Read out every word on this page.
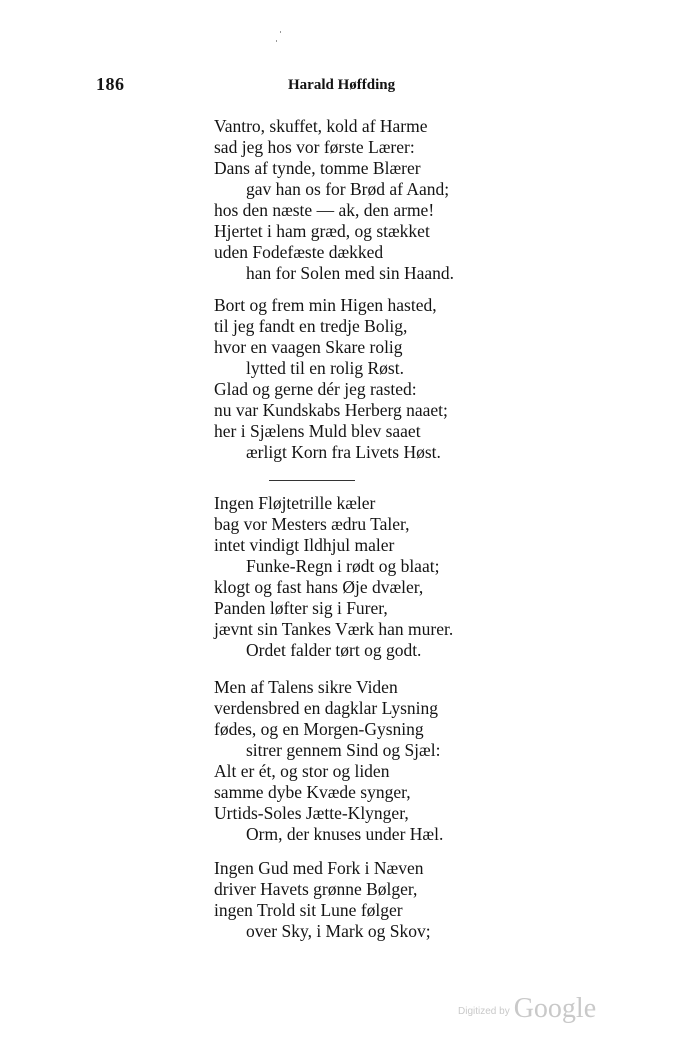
186	Harald Høffding
Vantro, skuffet, kold af Harme
sad jeg hos vor første Lærer:
Dans af tynde, tomme Blærer
gav han os for Brød af Aand;
hos den næste — ak, den arme!
Hjertet i ham græd, og stækket
uden Fodefæste dækked
han for Solen med sin Haand.
Bort og frem min Higen hasted,
til jeg fandt en tredje Bolig,
hvor en vaagen Skare rolig
lytted til en rolig Røst.
Glad og gerne dér jeg rasted:
nu var Kundskabs Herberg naaet;
her i Sjælens Muld blev saaet
ærligt Korn fra Livets Høst.
Ingen Fløjtetrille kæler
bag vor Mesters ædru Taler,
intet vindigt Ildhjul maler
Funke-Regn i rødt og blaat;
klogt og fast hans Øje dvæler,
Panden løfter sig i Furer,
jævnt sin Tankes Værk han murer.
Ordet falder tørt og godt.
Men af Talens sikre Viden
verdensbred en dagklar Lysning
fødes, og en Morgen-Gysning
sitrer gennem Sind og Sjæl:
Alt er ét, og stor og liden
samme dybe Kvæde synger,
Urtids-Soles Jætte-Klynger,
Orm, der knuses under Hæl.
Ingen Gud med Fork i Næven
driver Havets grønne Bølger,
ingen Trold sit Lune følger
over Sky, i Mark og Skov;
Digitized by Google
